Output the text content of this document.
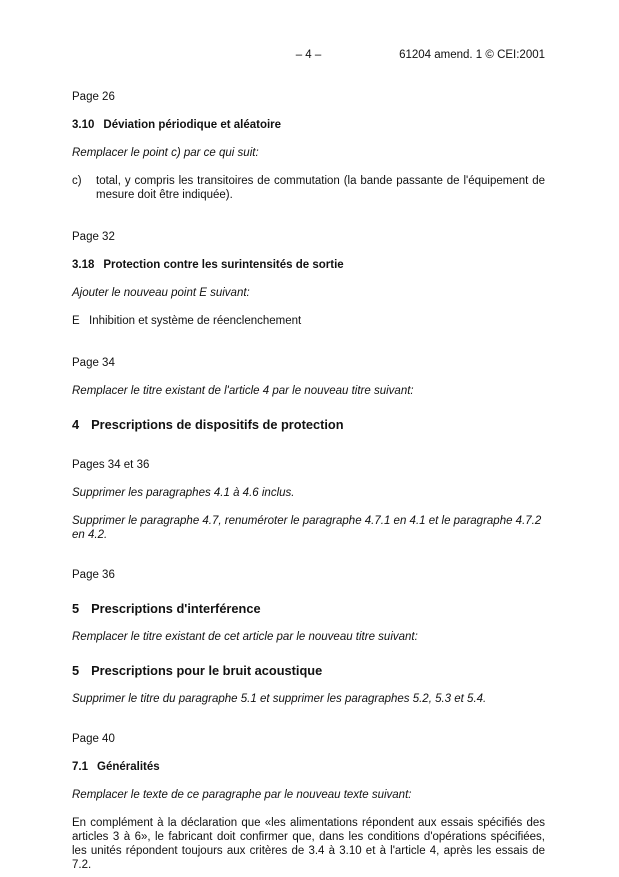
– 4 –	61204 amend. 1 © CEI:2001

Page 26

3.10 Déviation périodique et aléatoire

Remplacer le point c) par ce qui suit:

c)	total, y compris les transitoires de commutation (la bande passante de l'équipement de mesure doit être indiquée).

Page 32

3.18 Protection contre les surintensités de sortie

Ajouter le nouveau point E suivant:

E Inhibition et système de réenclenchement

Page 34

Remplacer le titre existant de l'article 4 par le nouveau titre suivant:

4 Prescriptions de dispositifs de protection

Pages 34 et 36

Supprimer les paragraphes 4.1 à 4.6 inclus.

Supprimer le paragraphe 4.7, renuméroter le paragraphe 4.7.1 en 4.1 et le paragraphe 4.7.2 en 4.2.

Page 36

5 Prescriptions d'interférence

Remplacer le titre existant de cet article par le nouveau titre suivant:

5 Prescriptions pour le bruit acoustique

Supprimer le titre du paragraphe 5.1 et supprimer les paragraphes 5.2, 5.3 et 5.4.

Page 40

7.1 Généralités

Remplacer le texte de ce paragraphe par le nouveau texte suivant:

En complément à la déclaration que «les alimentations répondent aux essais spécifiés des articles 3 à 6», le fabricant doit confirmer que, dans les conditions d'opérations spécifiées, les unités répondent toujours aux critères de 3.4 à 3.10 et à l'article 4, après les essais de 7.2.
